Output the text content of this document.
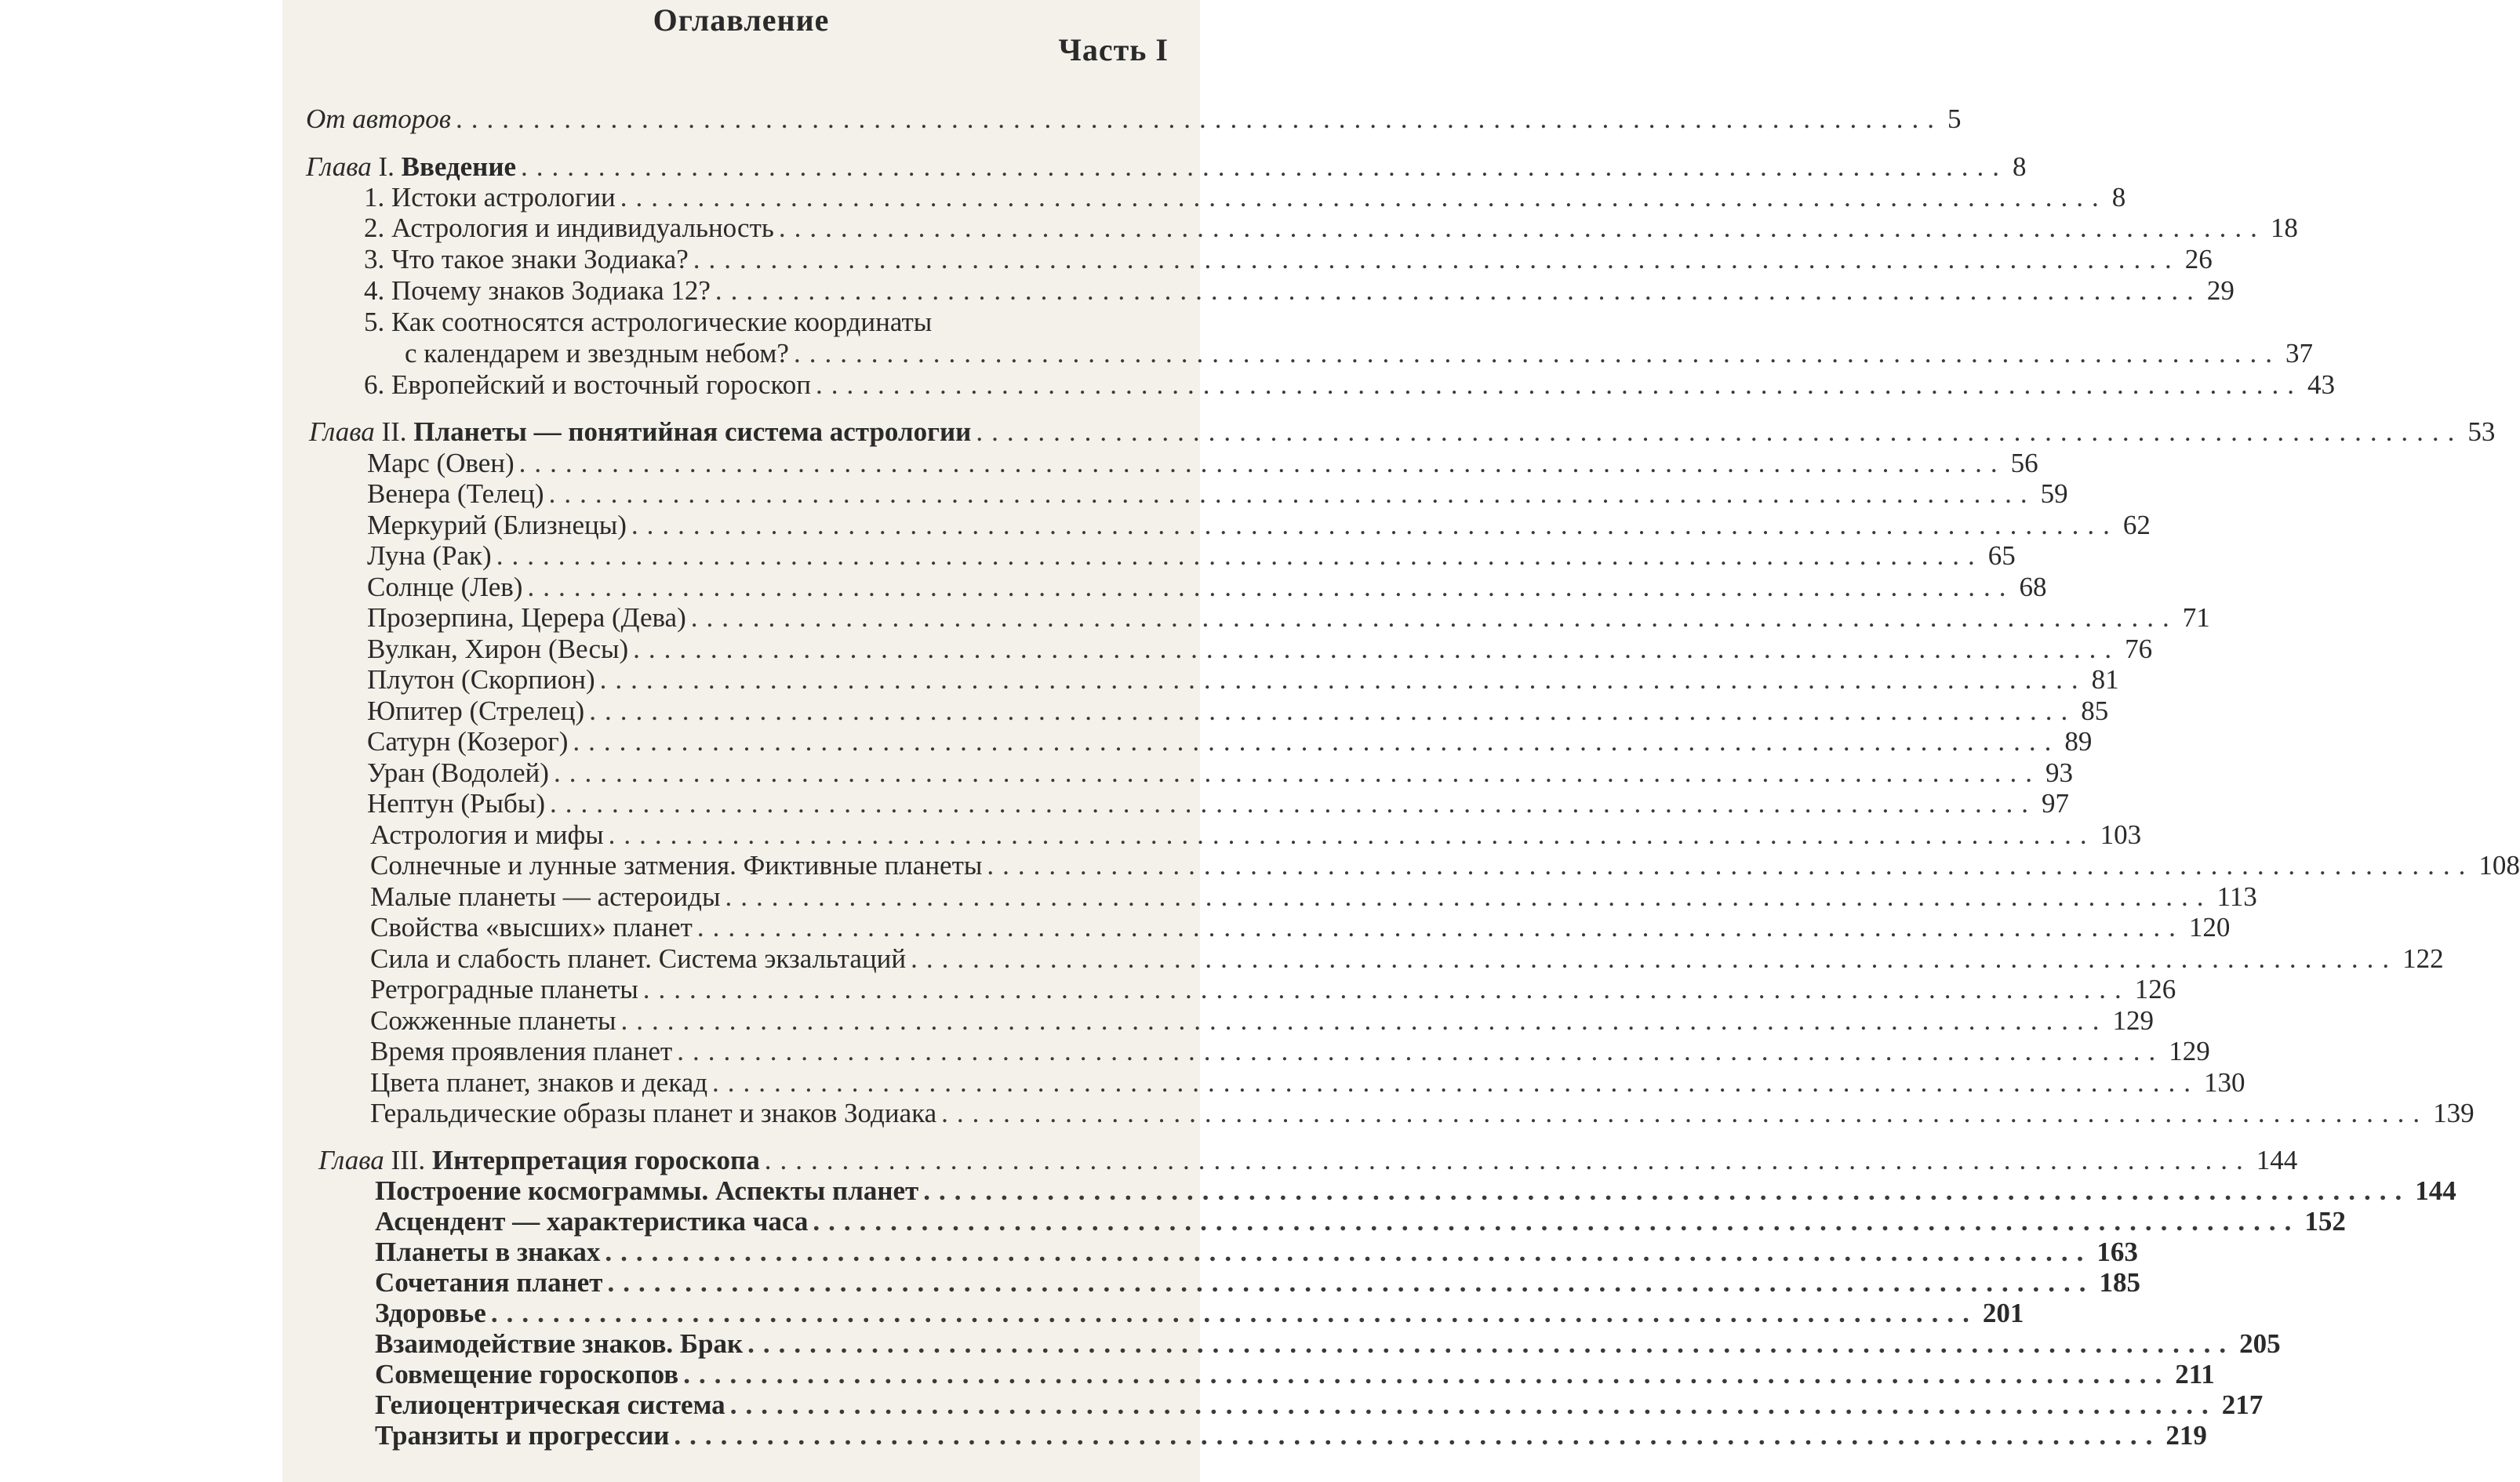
Оглавление
Часть I
От авторов ................................................................................................ 5
Глава I. Введение ................................................................................................ 8
1. Истоки астрологии ................................................................................................ 8
2. Астрология и индивидуальность ................................................................................................ 18
3. Что такое знаки Зодиака? ................................................................................................ 26
4. Почему знаков Зодиака 12? ................................................................................................ 29
5. Как соотносятся астрологические координаты
с календарем и звездным небом? ................................................................................................ 37
6. Европейский и восточный гороскоп ................................................................................................ 43
Глава II. Планеты — понятийная система астрологии ................................................................................................ 53
Марс (Овен) ................................................................................................ 56
Венера (Телец) ................................................................................................ 59
Меркурий (Близнецы) ................................................................................................ 62
Луна (Рак) ................................................................................................ 65
Солнце (Лев) ................................................................................................ 68
Прозерпина, Церера (Дева) ................................................................................................ 71
Вулкан, Хирон (Весы) ................................................................................................ 76
Плутон (Скорпион) ................................................................................................ 81
Юпитер (Стрелец) ................................................................................................ 85
Сатурн (Козерог) ................................................................................................ 89
Уран (Водолей) ................................................................................................ 93
Нептун (Рыбы) ................................................................................................ 97
Астрология и мифы ................................................................................................ 103
Солнечные и лунные затмения. Фиктивные планеты ................................................................................................ 108
Малые планеты — астероиды ................................................................................................ 113
Свойства «высших» планет ................................................................................................ 120
Сила и слабость планет. Система экзальтаций ................................................................................................ 122
Ретроградные планеты ................................................................................................ 126
Сожженные планеты ................................................................................................ 129
Время проявления планет ................................................................................................ 129
Цвета планет, знаков и декад ................................................................................................ 130
Геральдические образы планет и знаков Зодиака ................................................................................................ 139
Глава III. Интерпретация гороскопа ................................................................................................ 144
Построение космограммы. Аспекты планет ................................................................................................ 144
Асцендент — характеристика часа ................................................................................................ 152
Планеты в знаках ................................................................................................ 163
Сочетания планет ................................................................................................ 185
Здоровье ................................................................................................ 201
Взаимодействие знаков. Брак ................................................................................................ 205
Совмещение гороскопов ................................................................................................ 211
Гелиоцентрическая система ................................................................................................ 217
Транзиты и прогрессии ................................................................................................ 219
